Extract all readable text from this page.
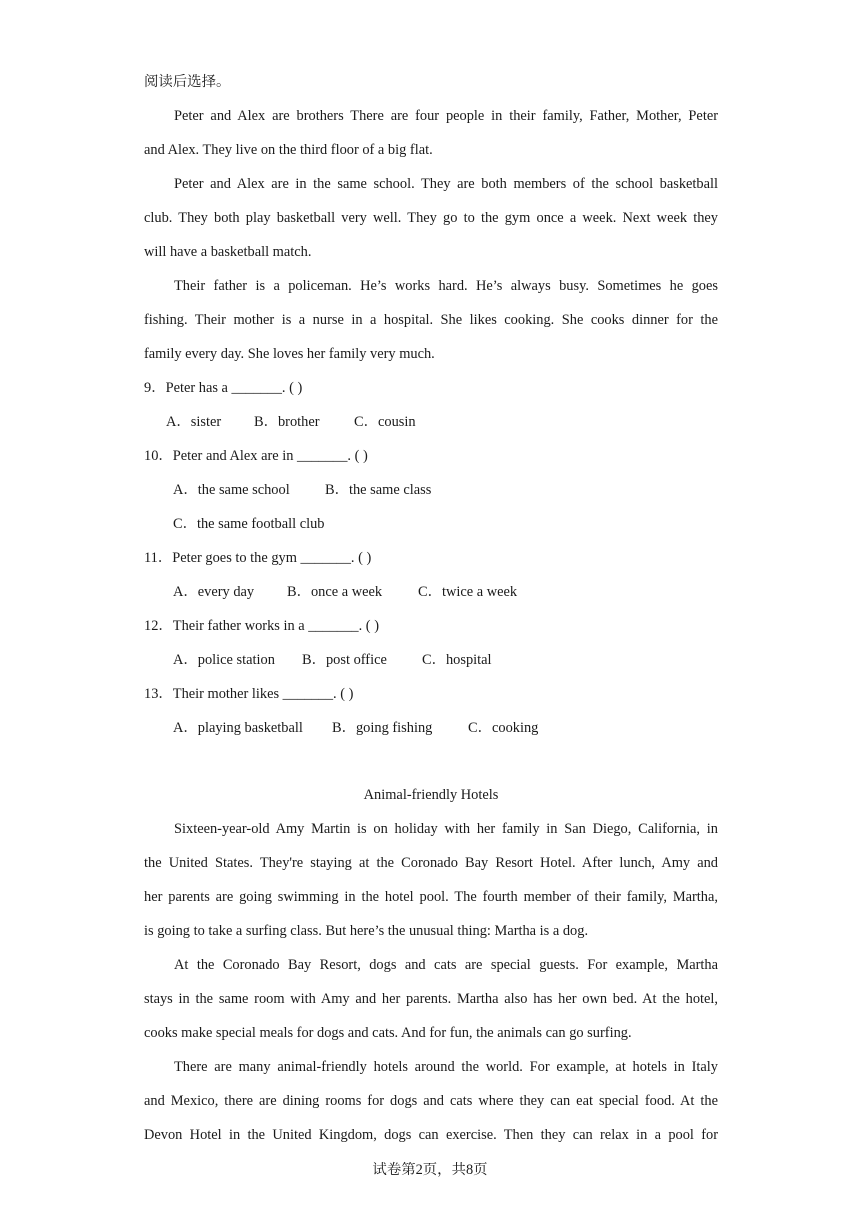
阅读后选择。
Peter and Alex are brothers There are four people in their family, Father, Mother, Peter
and Alex. They live on the third floor of a big flat.
Peter and Alex are in the same school. They are both members of the school basketball
club. They both play basketball very well. They go to the gym once a week. Next week they
will have a basketball match.
Their father is a policeman. He’s works hard. He’s always busy. Sometimes he goes
fishing. Their mother is a nurse in a hospital. She likes cooking. She cooks dinner for the
family every day. She loves her family very much.
9．Peter has a _______. ( )
A．sister B．brother C．cousin
10．Peter and Alex are in _______. ( )
A．the same school B．the same class
C．the same football club
11．Peter goes to the gym _______. ( )
A．every day B．once a week C．twice a week
12．Their father works in a _______. ( )
A．police station B．post office C．hospital
13．Their mother likes _______. ( )
A．playing basketball B．going fishing C．cooking
Animal-friendly Hotels
Sixteen-year-old Amy Martin is on holiday with her family in San Diego, California, in
the United States. They're staying at the Coronado Bay Resort Hotel. After lunch, Amy and
her parents are going swimming in the hotel pool. The fourth member of their family, Martha,
is going to take a surfing class. But here’s the unusual thing: Martha is a dog.
At the Coronado Bay Resort, dogs and cats are special guests. For example, Martha
stays in the same room with Amy and her parents. Martha also has her own bed. At the hotel,
cooks make special meals for dogs and cats. And for fun, the animals can go surfing.
There are many animal-friendly hotels around the world. For example, at hotels in Italy
and Mexico, there are dining rooms for dogs and cats where they can eat special food. At the
Devon Hotel in the United Kingdom, dogs can exercise. Then they can relax in a pool for
试卷第2页，共8页
